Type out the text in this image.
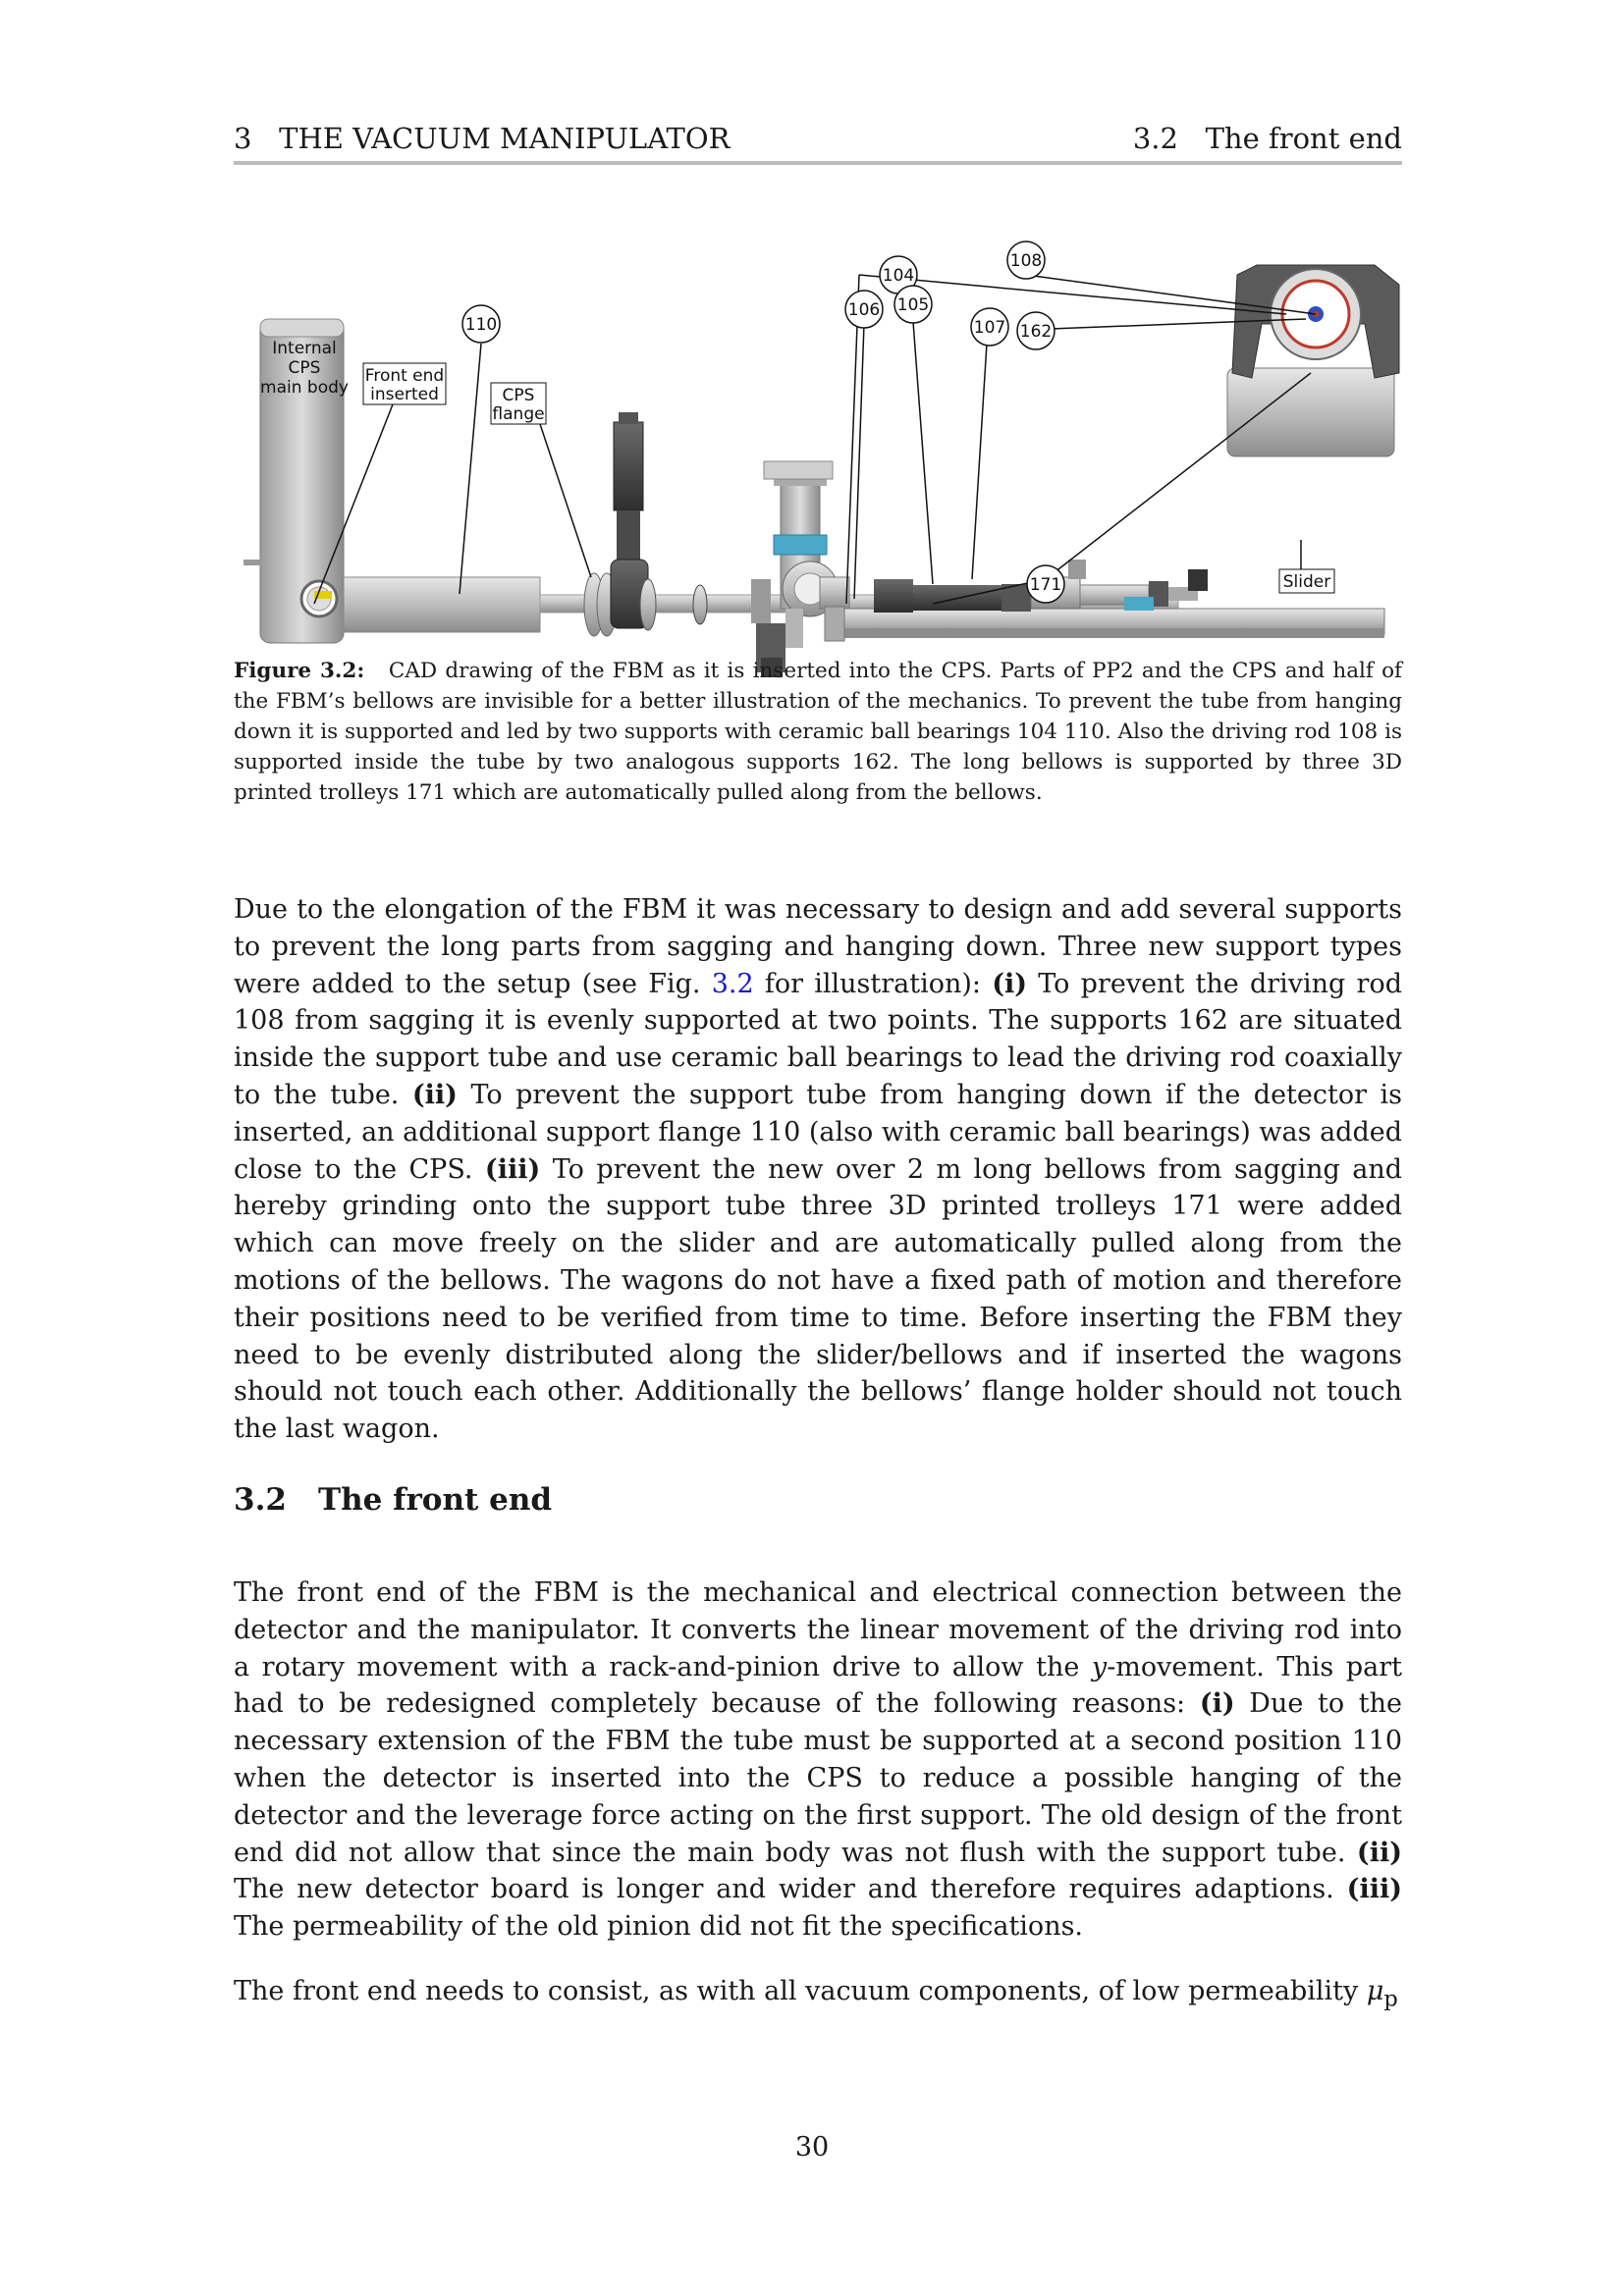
3   THE VACUUM MANIPULATOR	3.2   The front end
Internal
CPS
main body
Front end
inserted	CPS
flange
Slider
104
106 105
108
107 162
110
171
Figure 3.2: CAD drawing of the FBM as it is inserted into the CPS. Parts of PP2 and the CPS and half of the FBM’s bellows are invisible for a better illustration of the mechanics. To prevent the tube from hanging down it is supported and led by two supports with ceramic ball bearings 104 110. Also the driving rod 108 is supported inside the tube by two analogous supports 162. The long bellows is supported by three 3D printed trolleys 171 which are automatically pulled along from the bellows.
Due to the elongation of the FBM it was necessary to design and add several supports to prevent the long parts from sagging and hanging down. Three new support types were added to the setup (see Fig. 3.2 for illustration): (i) To prevent the driving rod 108 from sagging it is evenly supported at two points. The supports 162 are situated inside the support tube and use ceramic ball bearings to lead the driving rod coaxially to the tube. (ii) To prevent the support tube from hanging down if the detector is inserted, an additional support flange 110 (also with ceramic ball bearings) was added close to the CPS. (iii) To prevent the new over 2 m long bellows from sagging and hereby grinding onto the support tube three 3D printed trolleys 171 were added which can move freely on the slider and are automatically pulled along from the motions of the bellows. The wagons do not have a fixed path of motion and therefore their positions need to be verified from time to time. Before inserting the FBM they need to be evenly distributed along the slider/bellows and if inserted the wagons should not touch each other. Additionally the bellows’ flange holder should not touch the last wagon.
3.2 The front end
The front end of the FBM is the mechanical and electrical connection between the detector and the manipulator. It converts the linear movement of the driving rod into a rotary movement with a rack-and-pinion drive to allow the y-movement. This part had to be redesigned completely because of the following reasons: (i) Due to the necessary extension of the FBM the tube must be supported at a second position 110 when the detector is inserted into the CPS to reduce a possible hanging of the detector and the leverage force acting on the first support. The old design of the front end did not allow that since the main body was not flush with the support tube. (ii) The new detector board is longer and wider and therefore requires adaptions. (iii) The permeability of the old pinion did not fit the specifications.
The front end needs to consist, as with all vacuum components, of low permeability $\mu_p$
30
